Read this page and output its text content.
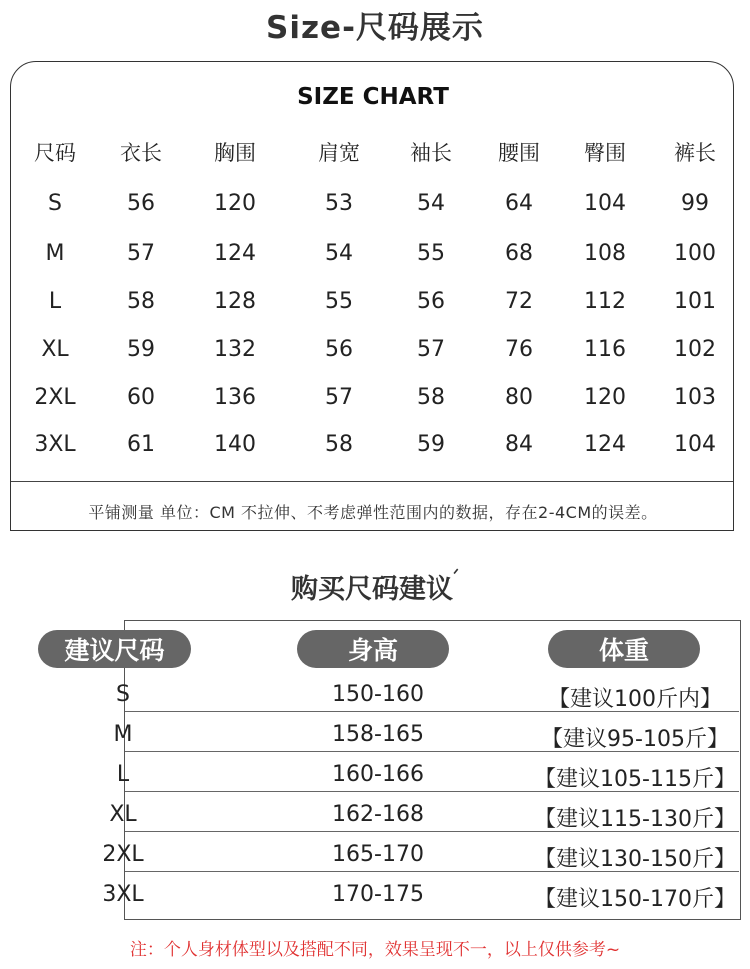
Size-尺码展示
SIZE CHART
尺码 衣长 胸围	肩宽 袖长 腰围 臀围 裤长
S	56	120	53	54	64 104	99
M	57	124	54	55	68 108 100
L	58	128	55	56	72 112 101
XL	59	132	56	57	76 116 102
2XL 60	136	57	58	80 120 103
3XL 61	140	58	59	84 124 104
平铺测量 单位：CM 不拉伸、不考虑弹性范围内的数据，存在2-4CM的误差。
购买尺码建议$^ᐟ$
建议尺码	身高	体重
S	150-160	【建议100斤内】
M	158-165	【建议95-105斤】
L	160-166	【建议105-115斤】
XL	162-168	【建议115-130斤】
2XL	165-170	【建议130-150斤】
3XL	170-175	【建议150-170斤】
注：个人身材体型以及搭配不同，效果呈现不一，以上仅供参考~
